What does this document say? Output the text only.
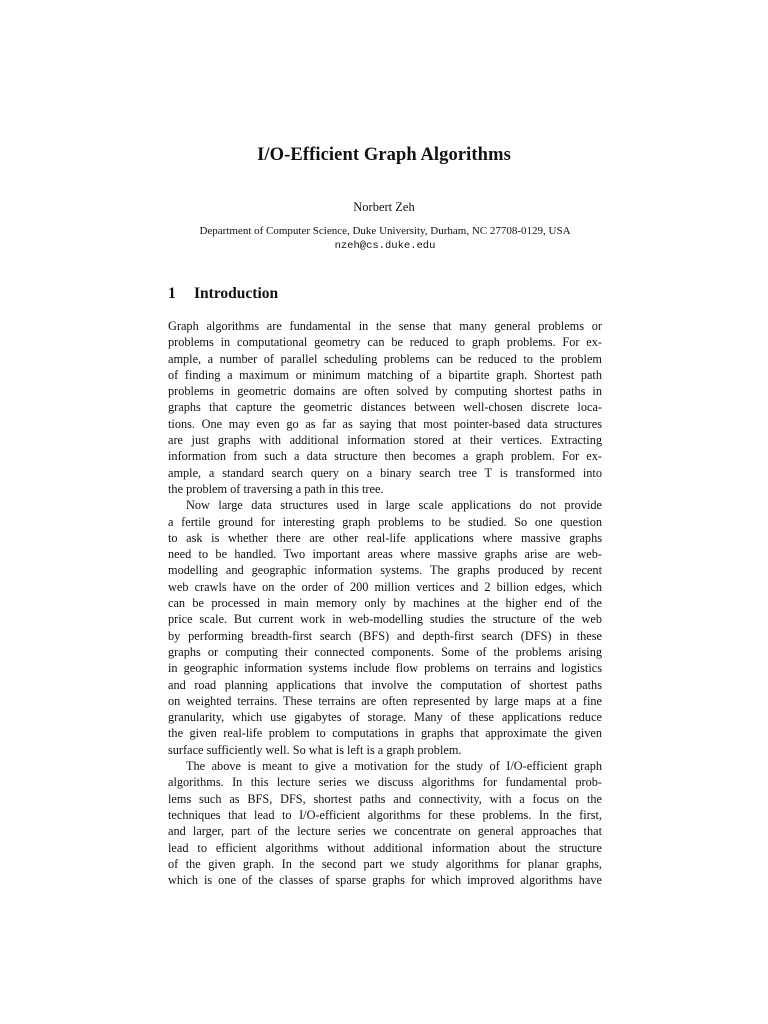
I/O-Efficient Graph Algorithms
Norbert Zeh
Department of Computer Science, Duke University, Durham, NC 27708-0129, USA
nzeh@cs.duke.edu
1 Introduction
Graph algorithms are fundamental in the sense that many general problems or
problems in computational geometry can be reduced to graph problems. For ex-
ample, a number of parallel scheduling problems can be reduced to the problem
of finding a maximum or minimum matching of a bipartite graph. Shortest path
problems in geometric domains are often solved by computing shortest paths in
graphs that capture the geometric distances between well-chosen discrete loca-
tions. One may even go as far as saying that most pointer-based data structures
are just graphs with additional information stored at their vertices. Extracting
information from such a data structure then becomes a graph problem. For ex-
ample, a standard search query on a binary search tree T is transformed into
the problem of traversing a path in this tree.
Now large data structures used in large scale applications do not provide
a fertile ground for interesting graph problems to be studied. So one question
to ask is whether there are other real-life applications where massive graphs
need to be handled. Two important areas where massive graphs arise are web-
modelling and geographic information systems. The graphs produced by recent
web crawls have on the order of 200 million vertices and 2 billion edges, which
can be processed in main memory only by machines at the higher end of the
price scale. But current work in web-modelling studies the structure of the web
by performing breadth-first search (BFS) and depth-first search (DFS) in these
graphs or computing their connected components. Some of the problems arising
in geographic information systems include flow problems on terrains and logistics
and road planning applications that involve the computation of shortest paths
on weighted terrains. These terrains are often represented by large maps at a fine
granularity, which use gigabytes of storage. Many of these applications reduce
the given real-life problem to computations in graphs that approximate the given
surface sufficiently well. So what is left is a graph problem.
The above is meant to give a motivation for the study of I/O-efficient graph
algorithms. In this lecture series we discuss algorithms for fundamental prob-
lems such as BFS, DFS, shortest paths and connectivity, with a focus on the
techniques that lead to I/O-efficient algorithms for these problems. In the first,
and larger, part of the lecture series we concentrate on general approaches that
lead to efficient algorithms without additional information about the structure
of the given graph. In the second part we study algorithms for planar graphs,
which is one of the classes of sparse graphs for which improved algorithms have
